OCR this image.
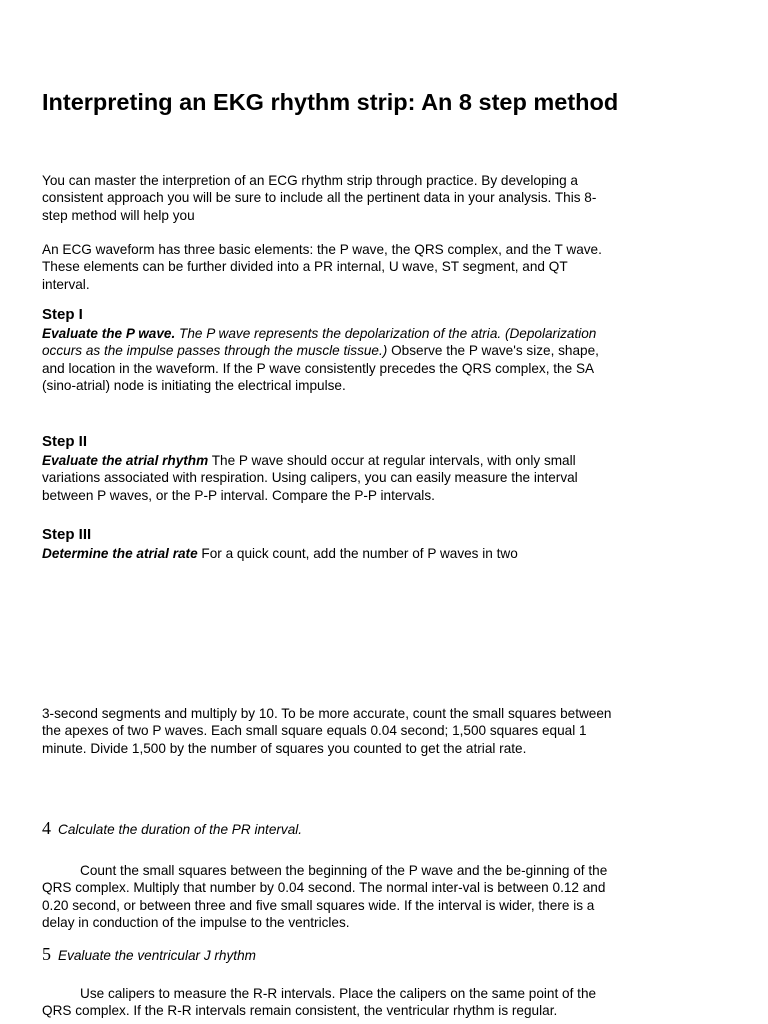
Interpreting an EKG rhythm strip: An 8 step method

You can master the interpretion of an ECG rhythm strip through practice. By developing a consistent approach you will be sure to include all the pertinent data in your analysis. This 8-step method will help you

An ECG waveform has three basic elements: the P wave, the QRS complex, and the T wave. These elements can be further divided into a PR internal, U wave, ST segment, and QT interval.

Step I

Evaluate the P wave. The P wave represents the depolarization of the atria. (Depolarization occurs as the impulse passes through the muscle tissue.) Observe the P wave's size, shape, and location in the waveform. If the P wave consistently precedes the QRS complex, the SA (sino-atrial) node is initiating the electrical impulse.

Step II

Evaluate the atrial rhythm The P wave should occur at regular intervals, with only small variations associated with respiration. Using calipers, you can easily measure the interval between P waves, or the P-P interval. Compare the P-P intervals.

Step III

Determine the atrial rate For a quick count, add the number of P waves in two

3-second segments and multiply by 10. To be more accurate, count the small squares between the apexes of two P waves. Each small square equals 0.04 second; 1,500 squares equal 1 minute. Divide 1,500 by the number of squares you counted to get the atrial rate.

4 Calculate the duration of the PR interval.

Count the small squares between the beginning of the P wave and the be-ginning of the QRS complex. Multiply that number by 0.04 second. The normal inter-val is between 0.12 and 0.20 second, or between three and five small squares wide. If the interval is wider, there is a delay in conduction of the impulse to the ventricles.

5 Evaluate the ventricular J rhythm

Use calipers to measure the R-R intervals. Place the calipers on the same point of the QRS complex. If the R-R intervals remain consistent, the ventricular rhythm is regular.
